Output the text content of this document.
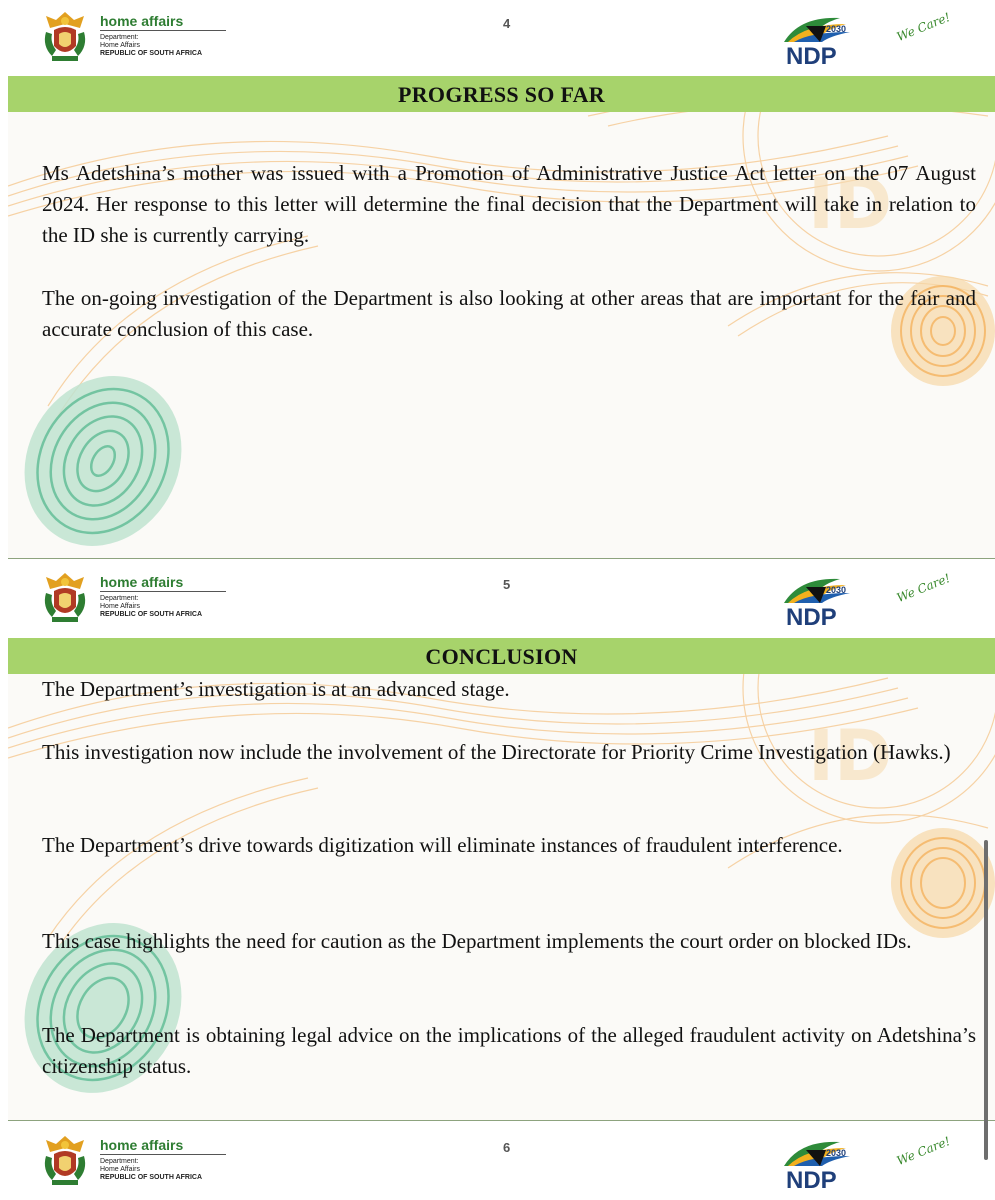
home affairs
Department:
Home Affairs
REPUBLIC OF SOUTH AFRICA
4	2030
NDP
We Care!
ID
PROGRESS SO FAR

Ms Adetshina’s mother was issued with a Promotion of Administrative Justice Act letter on the 07 August 2024. Her response to this letter will determine the final decision that the Department will take in relation to the ID she is currently carrying.

The on-going investigation of the Department is also looking at other areas that are important for the fair and accurate conclusion of this case.

home affairs
Department:
Home Affairs
REPUBLIC OF SOUTH AFRICA
5	2030
NDP
We Care!
ID
CONCLUSION

The Department’s investigation is at an advanced stage.

This investigation now include the involvement of the Directorate for Priority Crime Investigation (Hawks.)

The Department’s drive towards digitization will eliminate instances of fraudulent interference.

This case highlights the need for caution as the Department implements the court order on blocked IDs.

The Department is obtaining legal advice on the implications of the alleged fraudulent activity on Adetshina’s citizenship status.

home affairs
Department:
Home Affairs
REPUBLIC OF SOUTH AFRICA
6	2030
NDP
We Care!
